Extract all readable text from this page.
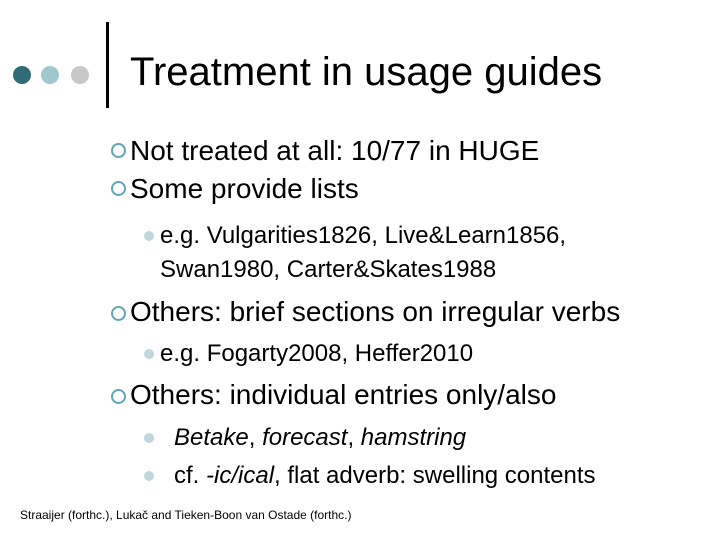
Treatment in usage guides
Not treated at all: 10/77 in HUGE
Some provide lists
e.g. Vulgarities1826, Live&Learn1856,
Swan1980, Carter&Skates1988
Others: brief sections on irregular verbs
e.g. Fogarty2008, Heffer2010
Others: individual entries only/also
Betake, forecast, hamstring
cf. -ic/ical, flat adverb: swelling contents
Straaijer (forthc.), Lukač and Tieken-Boon van Ostade (forthc.)
